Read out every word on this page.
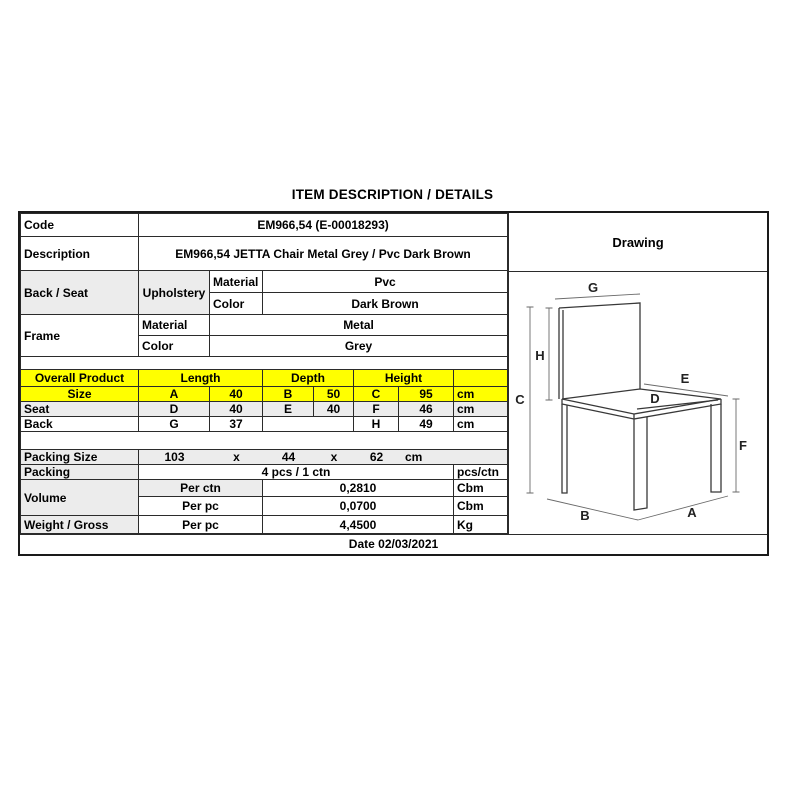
ITEM DESCRIPTION / DETAILS
Code	EM966,54 (E-00018293)						
Description	EM966,54 JETTA Chair Metal Grey / Pvc Dark Brown						
Back / Seat	Upholstery	Material	Pvc				
		Color	Dark Brown				
Frame	Material	Metal					
	Color	Grey					

Overall Product	Length		Depth		Height		
Size	A	40	B	50	C	95	cm
Seat	D	40	E	40	F	46	cm
Back	G	37			H	49	cm

Packing Size	103	x	44	x	62	cm

Packing	4 pcs / 1 ctn						pcs/ctn
Volume	Per ctn		0,2810				Cbm
	Per pc		0,0700				Cbm
Weight / Gross	Per pc		4,4500				Kg
Drawing
G
H
C
E
D
F
B	A
Date 02/03/2021
